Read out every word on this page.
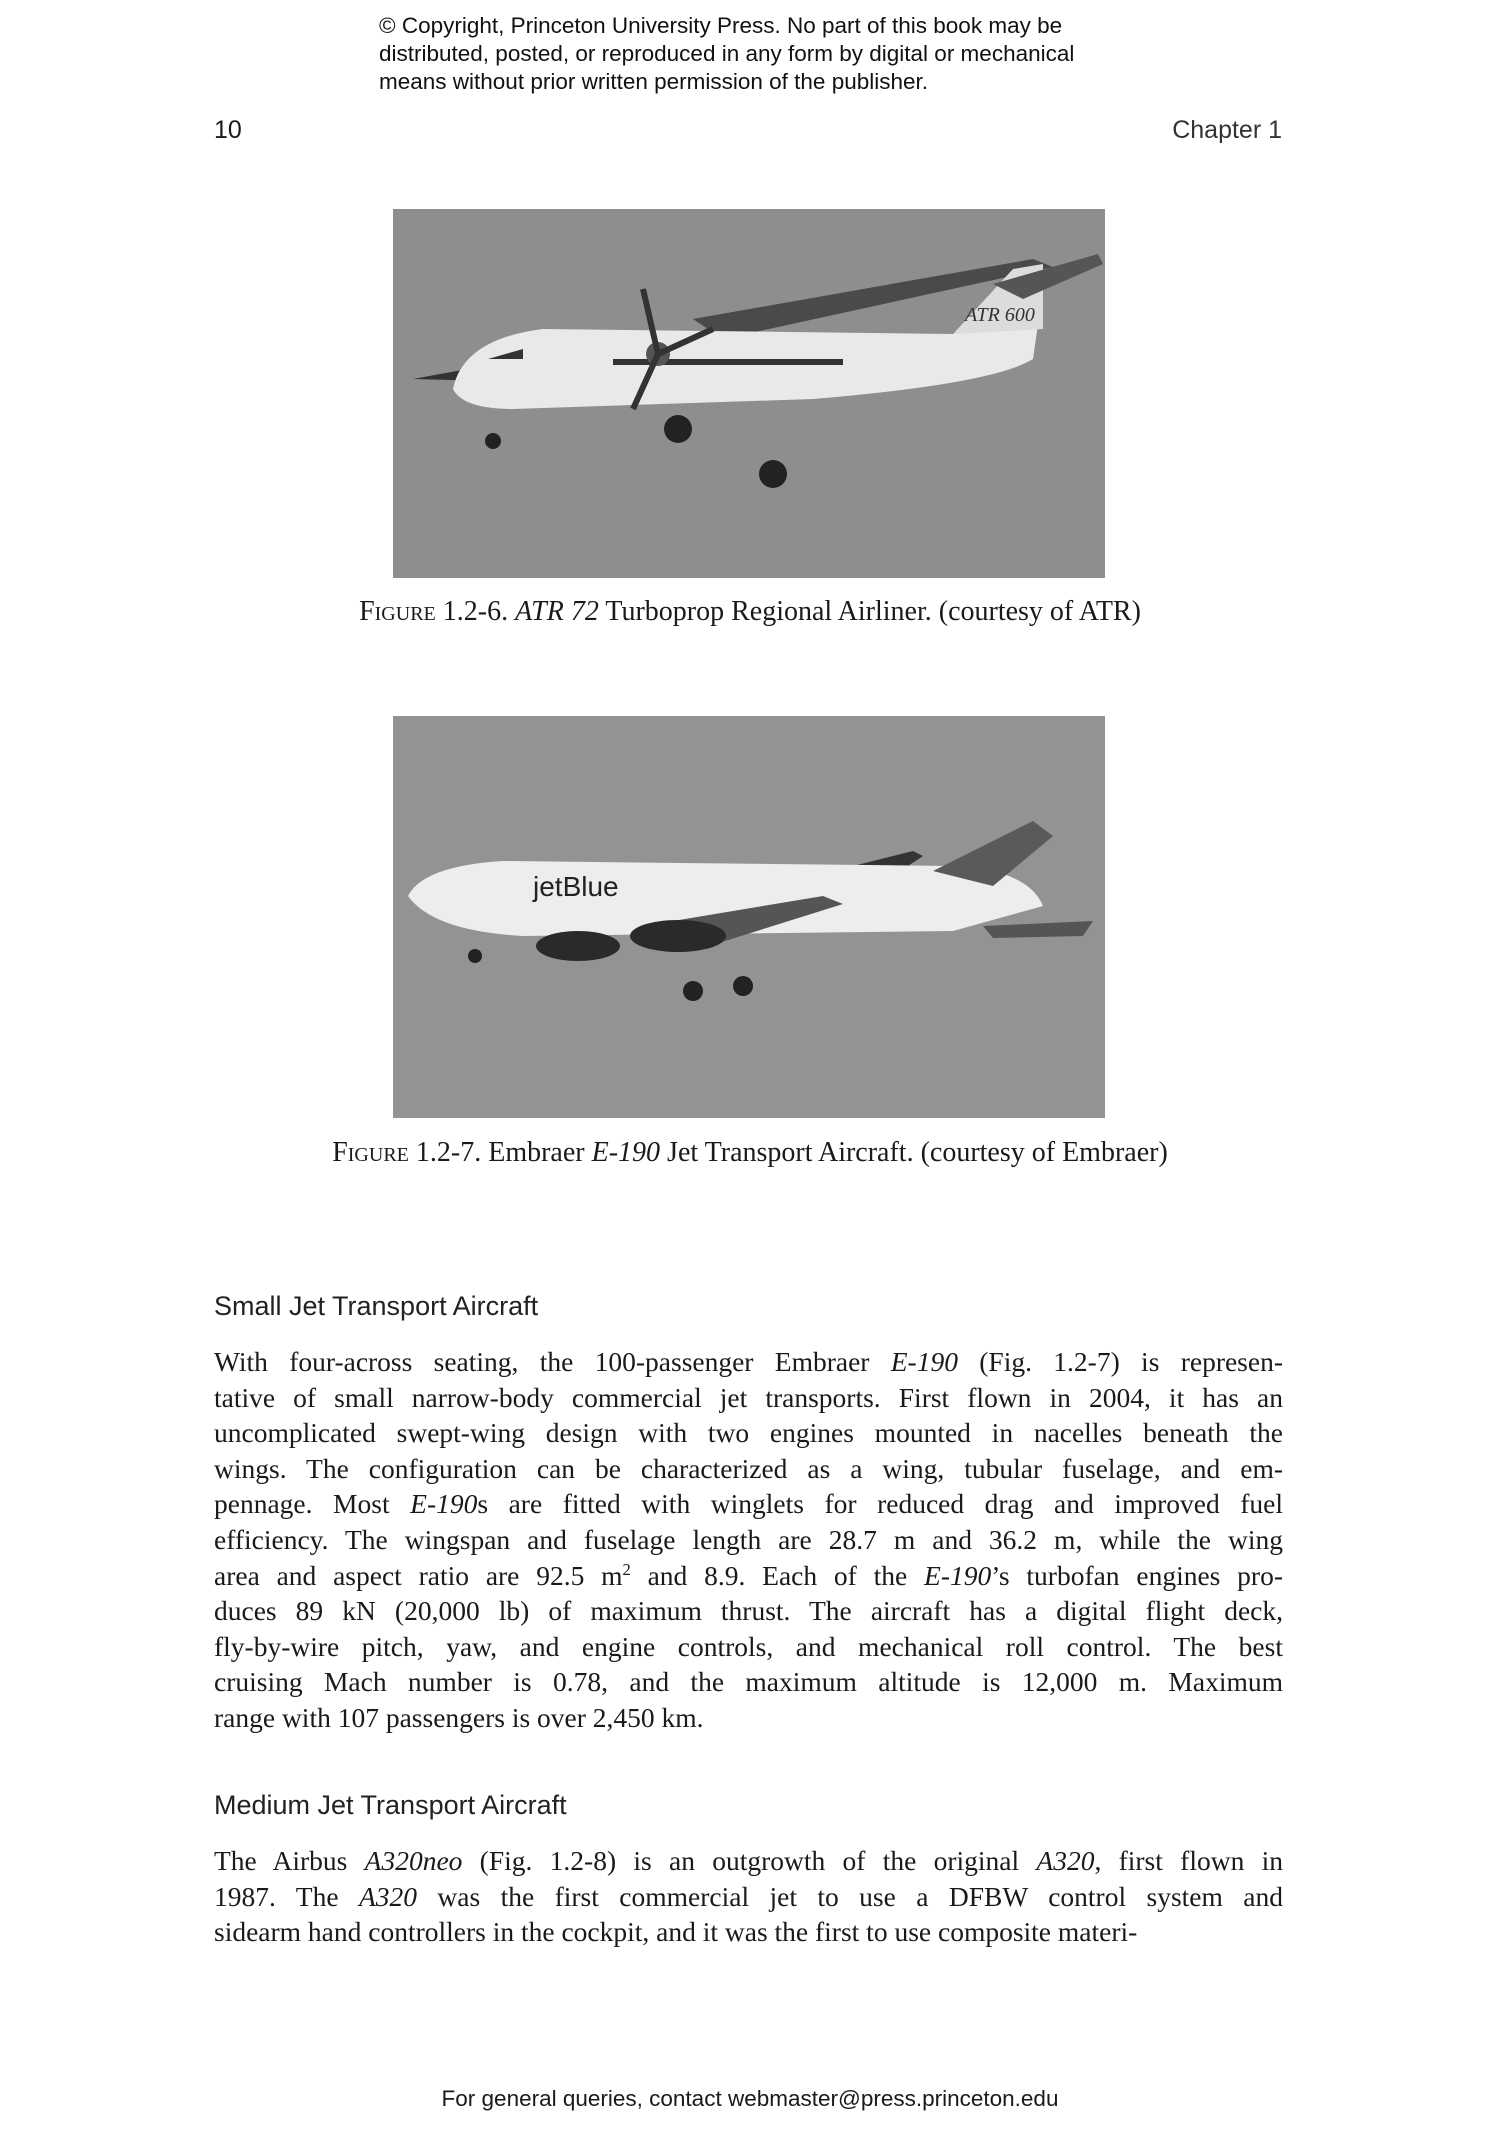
© Copyright, Princeton University Press. No part of this book may be
distributed, posted, or reproduced in any form by digital or mechanical
means without prior written permission of the publisher.
10	Chapter 1
ATR 600
Figure 1.2-6. ATR 72 Turboprop Regional Airliner. (courtesy of ATR)
jetBlue
Figure 1.2-7. Embraer E-190 Jet Transport Aircraft. (courtesy of Embraer)
Small Jet Transport Aircraft
With four-across seating, the 100-passenger Embraer E-190 (Fig. 1.2-7) is represen-
tative of small narrow-body commercial jet transports. First flown in 2004, it has an
uncomplicated swept-wing design with two engines mounted in nacelles beneath the
wings. The configuration can be characterized as a wing, tubular fuselage, and em-
pennage. Most E-190s are fitted with winglets for reduced drag and improved fuel
efficiency. The wingspan and fuselage length are 28.7 m and 36.2 m, while the wing
area and aspect ratio are 92.5 $m^2$ and 8.9. Each of the E-190’s turbofan engines pro-
duces 89 kN (20,000 lb) of maximum thrust. The aircraft has a digital flight deck,
fly-by-wire pitch, yaw, and engine controls, and mechanical roll control. The best
cruising Mach number is 0.78, and the maximum altitude is 12,000 m. Maximum
range with 107 passengers is over 2,450 km.
Medium Jet Transport Aircraft
The Airbus A320neo (Fig. 1.2-8) is an outgrowth of the original A320, first flown in
1987. The A320 was the first commercial jet to use a DFBW control system and
sidearm hand controllers in the cockpit, and it was the first to use composite materi-
For general queries, contact webmaster@press.princeton.edu
